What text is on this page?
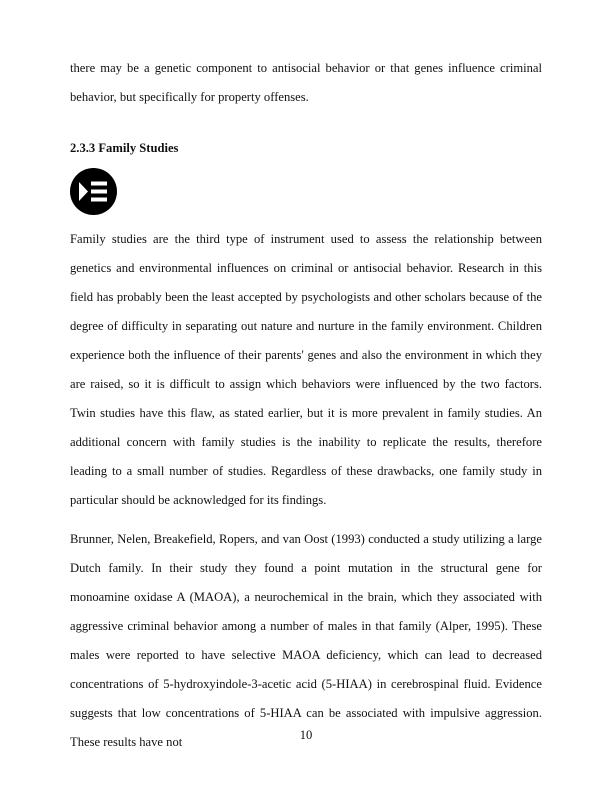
there may be a genetic component to antisocial behavior or that genes influence criminal behavior, but specifically for property offenses.

2.3.3 Family Studies

Family studies are the third type of instrument used to assess the relationship between genetics and environmental influences on criminal or antisocial behavior. Research in this field has probably been the least accepted by psychologists and other scholars because of the degree of difficulty in separating out nature and nurture in the family environment. Children experience both the influence of their parents' genes and also the environment in which they are raised, so it is difficult to assign which behaviors were influenced by the two factors. Twin studies have this flaw, as stated earlier, but it is more prevalent in family studies. An additional concern with family studies is the inability to replicate the results, therefore leading to a small number of studies. Regardless of these drawbacks, one family study in particular should be acknowledged for its findings.

Brunner, Nelen, Breakefield, Ropers, and van Oost (1993) conducted a study utilizing a large Dutch family. In their study they found a point mutation in the structural gene for monoamine oxidase A (MAOA), a neurochemical in the brain, which they associated with aggressive criminal behavior among a number of males in that family (Alper, 1995). These males were reported to have selective MAOA deficiency, which can lead to decreased concentrations of 5-hydroxyindole-3-acetic acid (5-HIAA) in cerebrospinal fluid. Evidence suggests that low concentrations of 5-HIAA can be associated with impulsive aggression. These results have not	10
